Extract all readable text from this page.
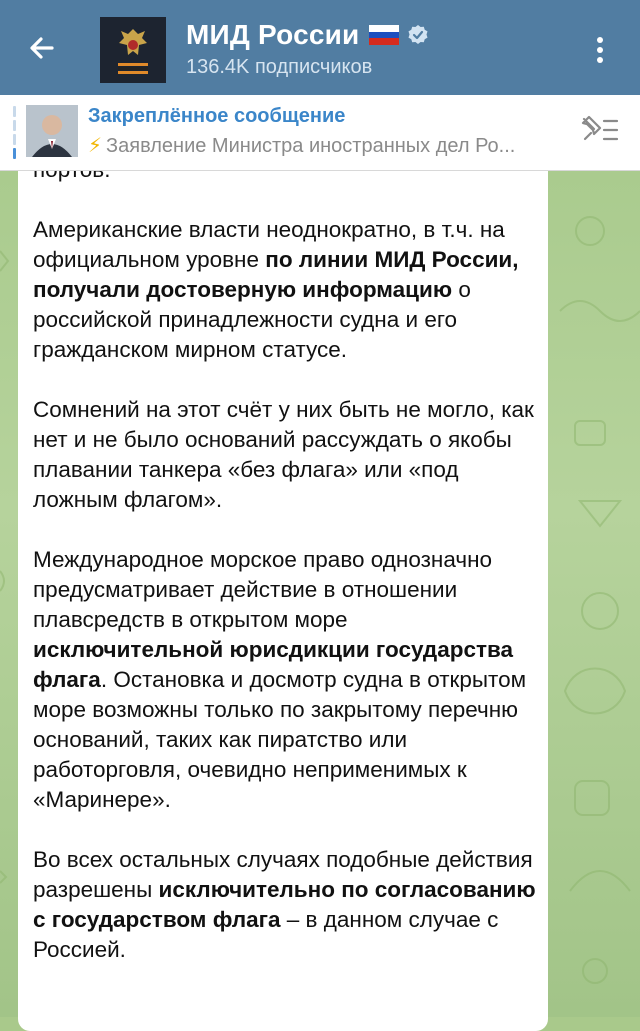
Американские власти неоднократно, в т.ч. на официальном уровне по линии МИД России, получали достоверную информацию о российской принадлежности судна и его гражданском мирном статусе.

Сомнений на этот счёт у них быть не могло, как нет и не было оснований рассуждать о якобы плавании танкера «без флага» или «под ложным флагом».

Международное морское право однозначно предусматривает действие в отношении плавсредств в открытом море исключительной юрисдикции государства флага. Остановка и досмотр судна в открытом море возможны только по закрытому перечню оснований, таких как пиратство или работорговля, очевидно неприменимых к «Маринере».

Во всех остальных случаях подобные действия разрешены исключительно по согласованию с государством флага – в данном случае с Россией.

МИД России
136.4K подписчиков
Закреплённое сообщение
⚡ Заявление Министра иностранных дел Ро...
